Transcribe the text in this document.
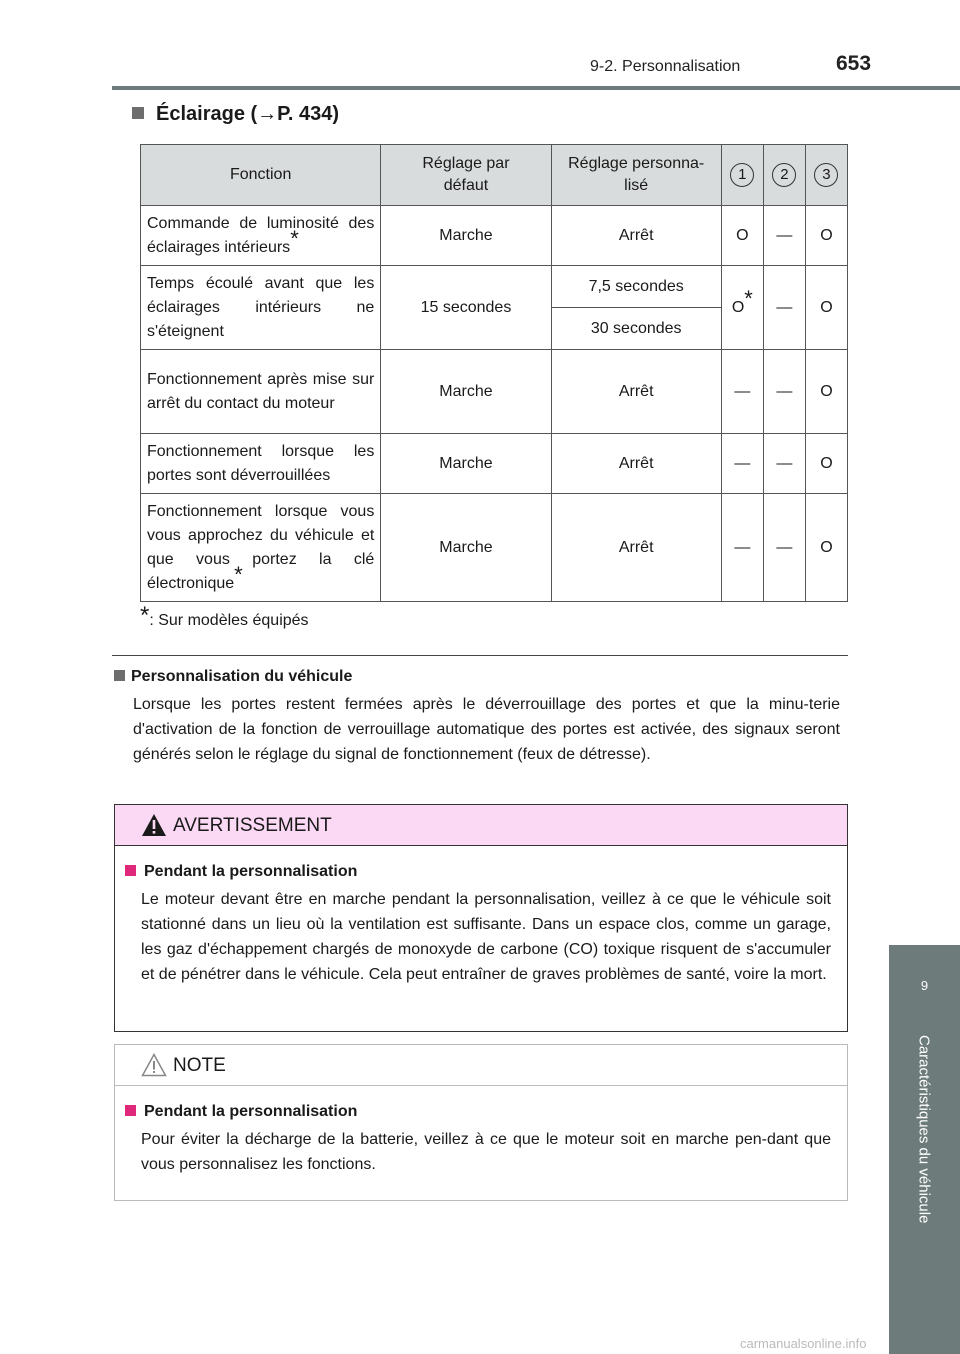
9-2. Personnalisation	653
9
Caractéristiques du véhicule
Éclairage (→P. 434)
Fonction	Réglage par défaut	Réglage personna-lisé	1	2	3
Commande de luminosité des éclairages intérieurs*	Marche	Arrêt	O	—	O
Temps écoulé avant que les éclairages intérieurs ne s'éteignent	15 secondes	7,5 secondes	O*	—	O
		30 secondes			
Fonctionnement après mise sur arrêt du contact du moteur	Marche	Arrêt	—	—	O
Fonctionnement lorsque les portes sont déverrouillées	Marche	Arrêt	—	—	O
Fonctionnement lorsque vous vous approchez du véhicule et que vous portez la clé électronique*	Marche	Arrêt	—	—	O
*: Sur modèles équipés
Personnalisation du véhicule
Lorsque les portes restent fermées après le déverrouillage des portes et que la minu-terie d'activation de la fonction de verrouillage automatique des portes est activée, des signaux seront générés selon le réglage du signal de fonctionnement (feux de détresse).
AVERTISSEMENT
Pendant la personnalisation
Le moteur devant être en marche pendant la personnalisation, veillez à ce que le véhicule soit stationné dans un lieu où la ventilation est suffisante. Dans un espace clos, comme un garage, les gaz d'échappement chargés de monoxyde de carbone (CO) toxique risquent de s'accumuler et de pénétrer dans le véhicule. Cela peut entraîner de graves problèmes de santé, voire la mort.
NOTE
Pendant la personnalisation
Pour éviter la décharge de la batterie, veillez à ce que le moteur soit en marche pen-dant que vous personnalisez les fonctions.
carmanualsonline.info
